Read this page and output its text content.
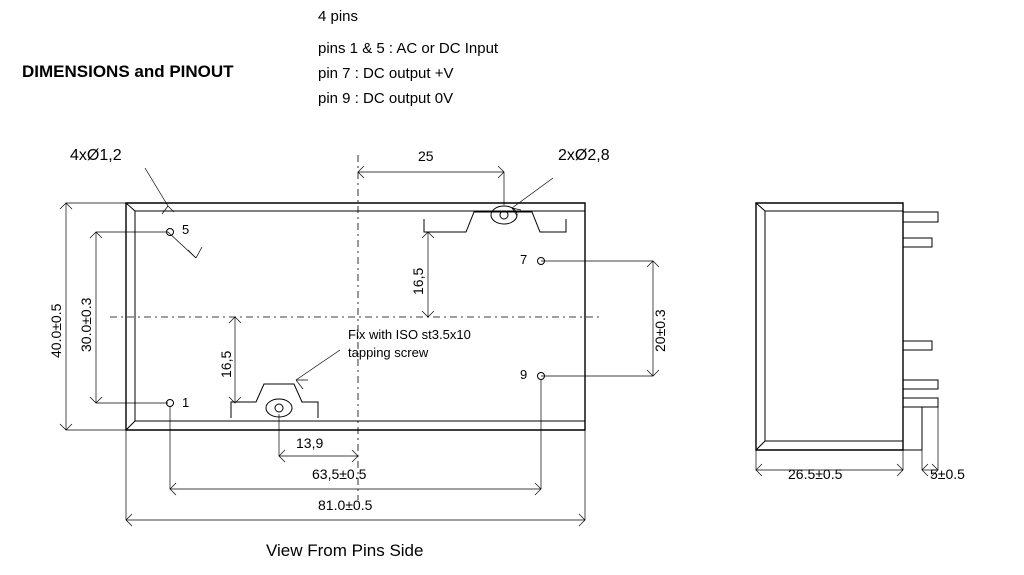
DIMENSIONS and PINOUT
4 pins
pins 1 & 5 : AC or DC Input
pin 7 : DC output +V
pin 9 : DC output 0V
4xØ1,2	2xØ2,8
Fix with ISO st3.5x10
tapping screw
5
1
7
9
40.0±0.5 30.0±0.3
16,5
16,5
20±0.3
25
13,9
63,5±0.5
81.0±0.5
26.5±0.5	5±0.5
View From Pins Side
